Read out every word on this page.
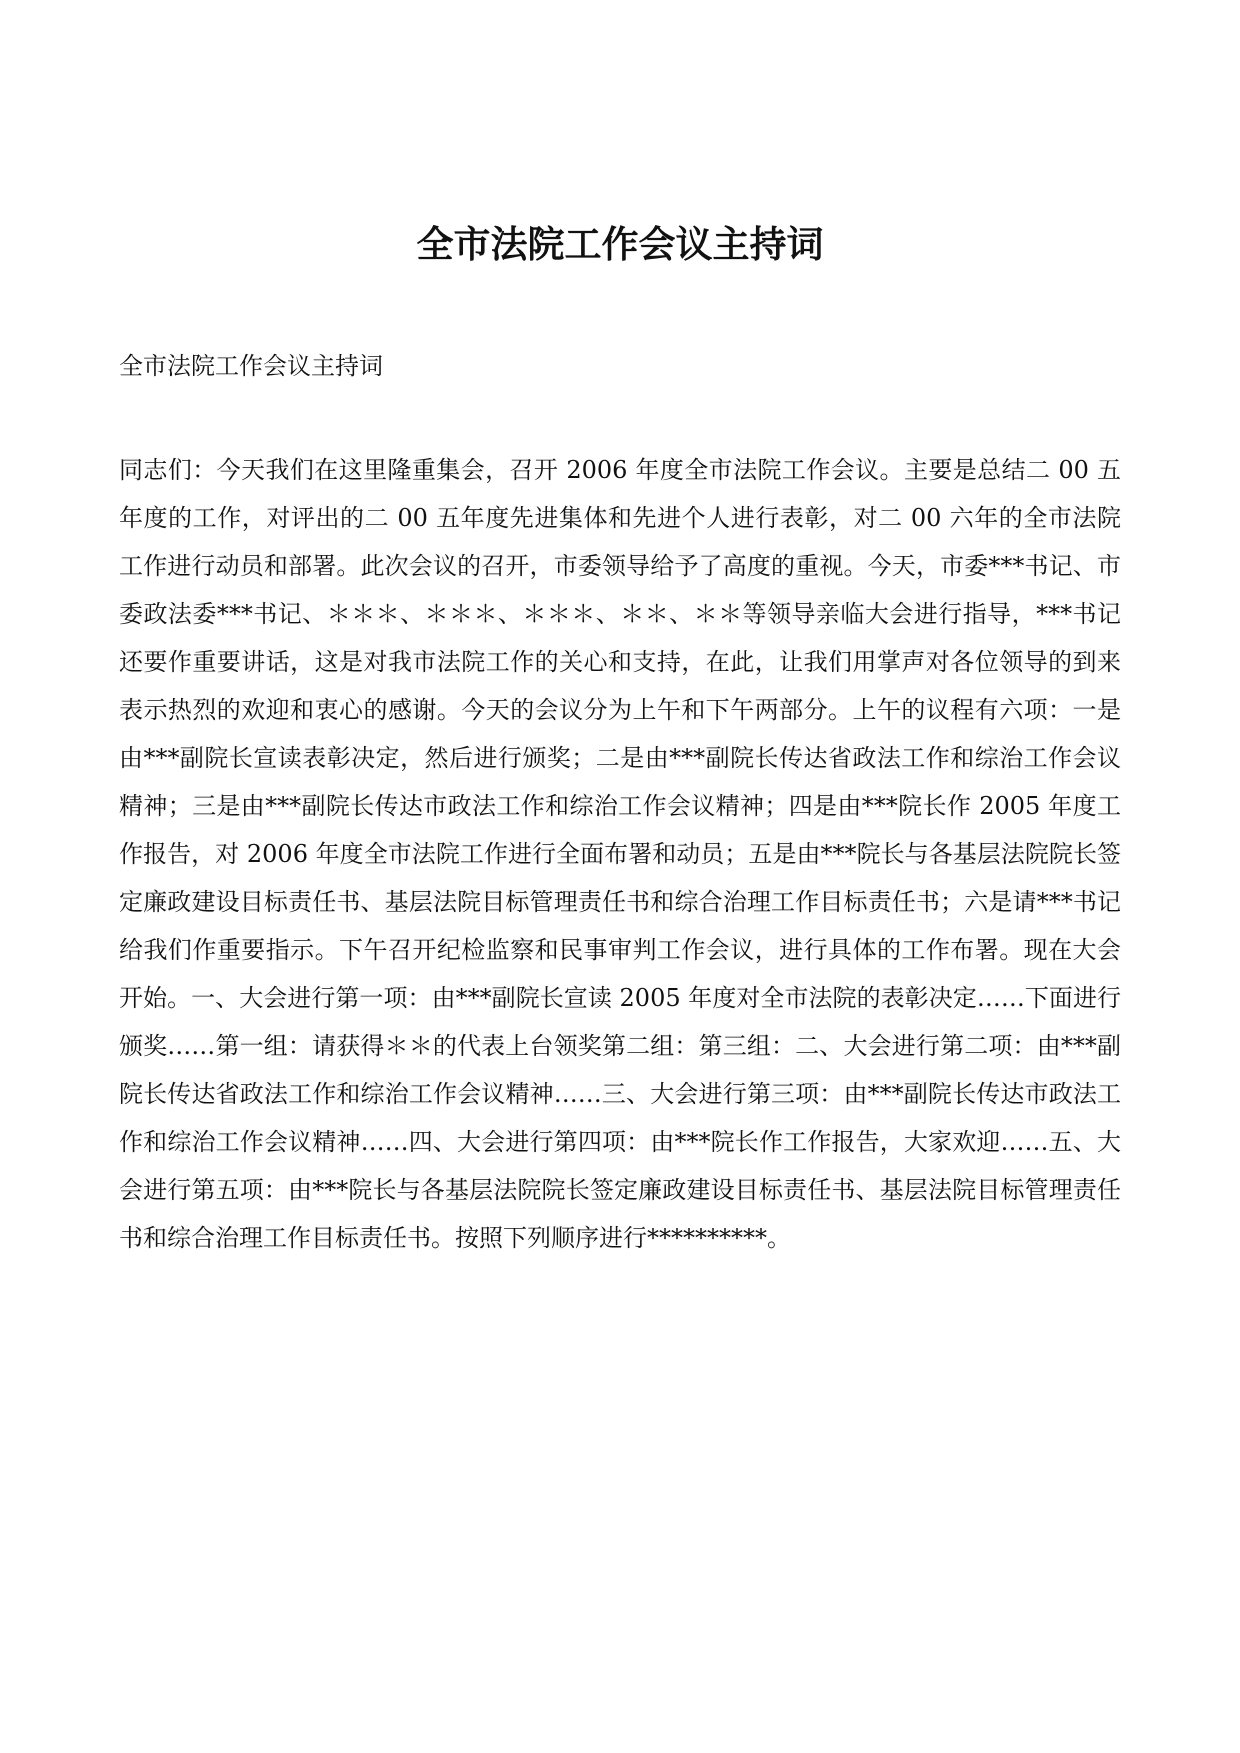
全市法院工作会议主持词

全市法院工作会议主持词

同志们：今天我们在这里隆重集会，召开 2006 年度全市法院工作会议。主要是总结二 00 五年度的工作，对评出的二 00 五年度先进集体和先进个人进行表彰，对二 00 六年的全市法院工作进行动员和部署。此次会议的召开，市委领导给予了高度的重视。今天，市委***书记、市委政法委***书记、＊＊＊、＊＊＊、＊＊＊、＊＊、＊＊等领导亲临大会进行指导，***书记还要作重要讲话，这是对我市法院工作的关心和支持，在此，让我们用掌声对各位领导的到来表示热烈的欢迎和衷心的感谢。今天的会议分为上午和下午两部分。上午的议程有六项：一是由***副院长宣读表彰决定，然后进行颁奖；二是由***副院长传达省政法工作和综治工作会议精神；三是由***副院长传达市政法工作和综治工作会议精神；四是由***院长作 2005 年度工作报告，对 2006 年度全市法院工作进行全面布署和动员；五是由***院长与各基层法院院长签定廉政建设目标责任书、基层法院目标管理责任书和综合治理工作目标责任书；六是请***书记给我们作重要指示。下午召开纪检监察和民事审判工作会议，进行具体的工作布署。现在大会开始。一、大会进行第一项：由***副院长宣读 2005 年度对全市法院的表彰决定……下面进行颁奖……第一组：请获得＊＊的代表上台领奖第二组：第三组：二、大会进行第二项：由***副院长传达省政法工作和综治工作会议精神……三、大会进行第三项：由***副院长传达市政法工作和综治工作会议精神……四、大会进行第四项：由***院长作工作报告，大家欢迎……五、大会进行第五项：由***院长与各基层法院院长签定廉政建设目标责任书、基层法院目标管理责任书和综合治理工作目标责任书。按照下列顺序进行**********。
